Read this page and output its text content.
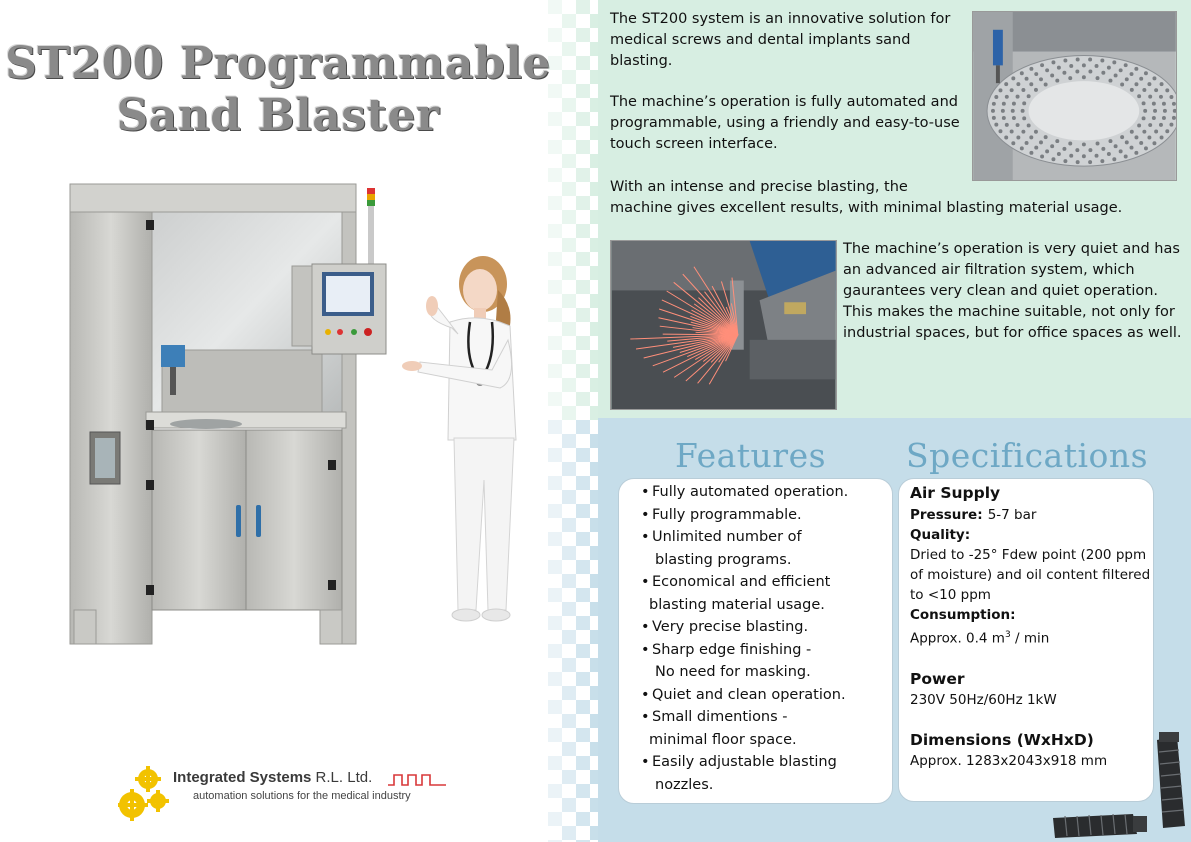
ST200 Programmable
Sand Blaster
Integrated Systems R.L. Ltd.
automation solutions for the medical industry

The ST200 system is an innovative solution for medical screws and dental implants sand blasting.

The machine’s operation is fully automated and programmable, using a friendly and easy-to-use touch screen interface.

With an intense and precise blasting, the

machine gives excellent results, with minimal blasting material usage.

The machine’s operation is very quiet and has an advanced air filtration system, which gaurantees very clean and quiet operation. This makes the machine suitable, not only for industrial spaces, but for office spaces as well.

Features Specifications
• Fully automated operation.
• Fully programmable.
• Unlimited number of
blasting programs.
• Economical and efficient
blasting material usage.
• Very precise blasting.
• Sharp edge finishing -
No need for masking.
• Quiet and clean operation.
• Small dimentions -
minimal floor space.
• Easily adjustable blasting
nozzles.
Air Supply
Pressure: 5-7 bar
Quality:
Dried to -25° Fdew point (200 ppm of moisture) and oil content filtered to <10 ppm
Consumption:
Approx. 0.4 $m^3$ / min
Power
230V 50Hz/60Hz 1kW
Dimensions (WxHxD)
Approx. 1283x2043x918 mm
